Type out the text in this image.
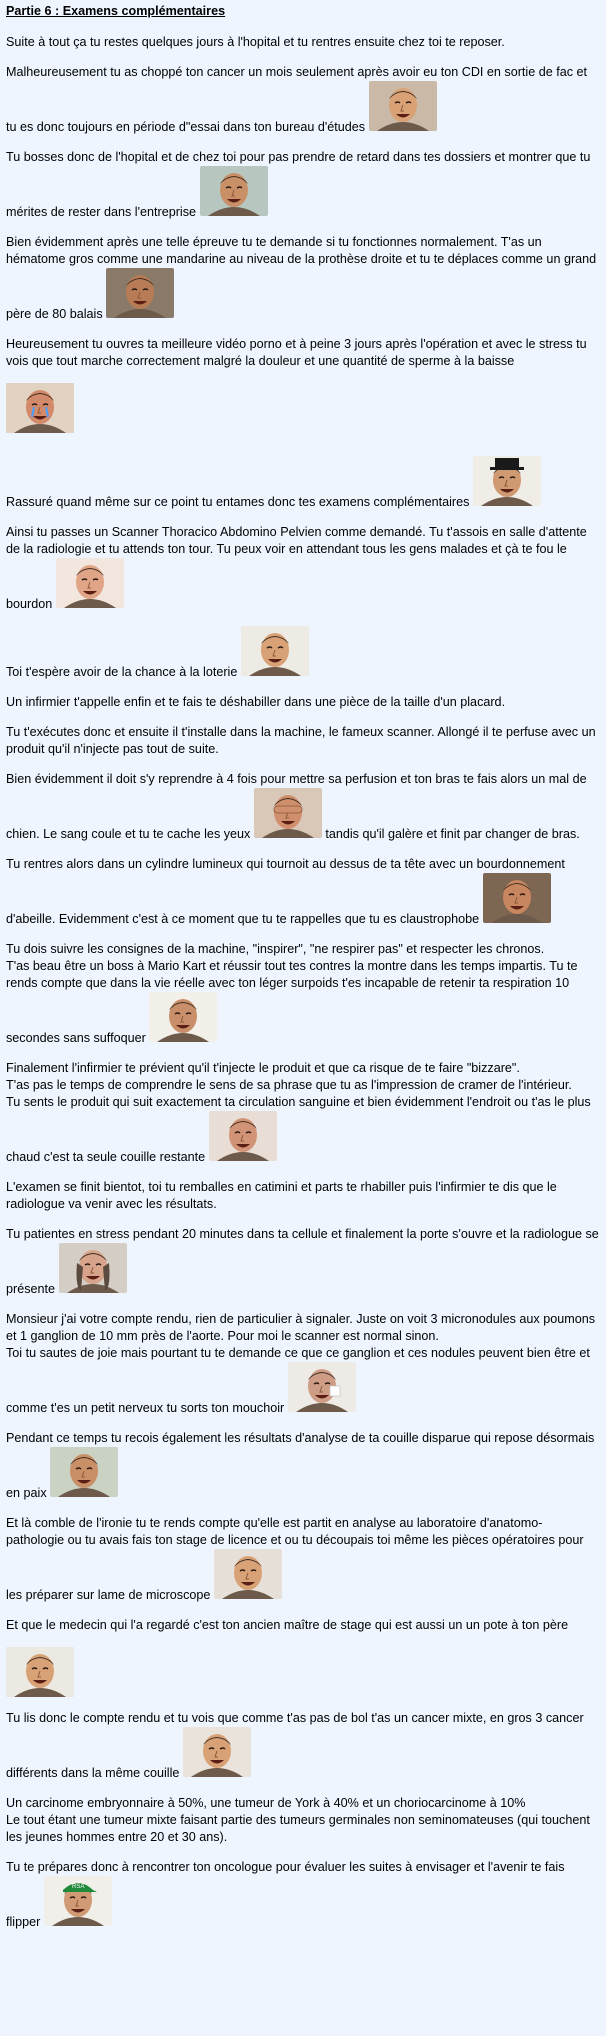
Partie 6 : Examens complémentaires

Suite à tout ça tu restes quelques jours à l'hopital et tu rentres ensuite chez toi te reposer.

Malheureusement tu as choppé ton cancer un mois seulement après avoir eu ton CDI en sortie de fac et tu es donc toujours en période d"essai dans ton bureau d'études

Tu bosses donc de l'hopital et de chez toi pour pas prendre de retard dans tes dossiers et montrer que tu mérites de rester dans l'entreprise

Bien évidemment après une telle épreuve tu te demande si tu fonctionnes normalement. T'as un hématome gros comme une mandarine au niveau de la prothèse droite et tu te déplaces comme un grand père de 80 balais

Heureusement tu ouvres ta meilleure vidéo porno et à peine 3 jours après l'opération et avec le stress tu vois que tout marche correctement malgré la douleur et une quantité de sperme à la baisse

Rassuré quand même sur ce point tu entames donc tes examens complémentaires

Ainsi tu passes un Scanner Thoracico Abdomino Pelvien comme demandé. Tu t'assois en salle d'attente de la radiologie et tu attends ton tour. Tu peux voir en attendant tous les gens malades et çà te fou le bourdon

Toi t'espère avoir de la chance à la loterie

Un infirmier t'appelle enfin et te fais te déshabiller dans une pièce de la taille d'un placard.

Tu t'exécutes donc et ensuite il t'installe dans la machine, le fameux scanner. Allongé il te perfuse avec un produit qu'il n'injecte pas tout de suite.

Bien évidemment il doit s'y reprendre à 4 fois pour mettre sa perfusion et ton bras te fais alors un mal de chien. Le sang coule et tu te cache les yeux	tandis qu'il galère et finit par changer de bras.

Tu rentres alors dans un cylindre lumineux qui tournoit au dessus de ta tête avec un bourdonnement d'abeille. Evidemment c'est à ce moment que tu te rappelles que tu es claustrophobe

Tu dois suivre les consignes de la machine, "inspirer", "ne respirer pas" et respecter les chronos.
T'as beau être un boss à Mario Kart et réussir tout tes contres la montre dans les temps impartis. Tu te rends compte que dans la vie réelle avec ton léger surpoids t'es incapable de retenir ta respiration 10 secondes sans suffoquer

Finalement l'infirmier te prévient qu'il t'injecte le produit et que ca risque de te faire "bizzare".
T'as pas le temps de comprendre le sens de sa phrase que tu as l'impression de cramer de l'intérieur.
Tu sents le produit qui suit exactement ta circulation sanguine et bien évidemment l'endroit ou t'as le plus chaud c'est ta seule couille restante

L'examen se finit bientot, toi tu remballes en catimini et parts te rhabiller puis l'infirmier te dis que le radiologue va venir avec les résultats.

Tu patientes en stress pendant 20 minutes dans ta cellule et finalement la porte s'ouvre et la radiologue se présente

Monsieur j'ai votre compte rendu, rien de particulier à signaler. Juste on voit 3 micronodules aux poumons et 1 ganglion de 10 mm près de l'aorte. Pour moi le scanner est normal sinon.
Toi tu sautes de joie mais pourtant tu te demande ce que ce ganglion et ces nodules peuvent bien être et comme t'es un petit nerveux tu sorts ton mouchoir

Pendant ce temps tu recois également les résultats d'analyse de ta couille disparue qui repose désormais en paix

Et là comble de l'ironie tu te rends compte qu'elle est partit en analyse au laboratoire d'anatomo-pathologie ou tu avais fais ton stage de licence et ou tu découpais toi même les pièces opératoires pour les préparer sur lame de microscope

Et que le medecin qui l'a regardé c'est ton ancien maître de stage qui est aussi un un pote à ton père

Tu lis donc le compte rendu et tu vois que comme t'as pas de bol t'as un cancer mixte, en gros 3 cancer différents dans la même couille

Un carcinome embryonnaire à 50%, une tumeur de York à 40% et un choriocarcinome à 10%
Le tout étant une tumeur mixte faisant partie des tumeurs germinales non seminomateuses (qui touchent les jeunes hommes entre 20 et 30 ans).

Tu te prépares donc à rencontrer ton oncologue pour évaluer les suites à envisager et l'avenir te fais flipper
RSA
